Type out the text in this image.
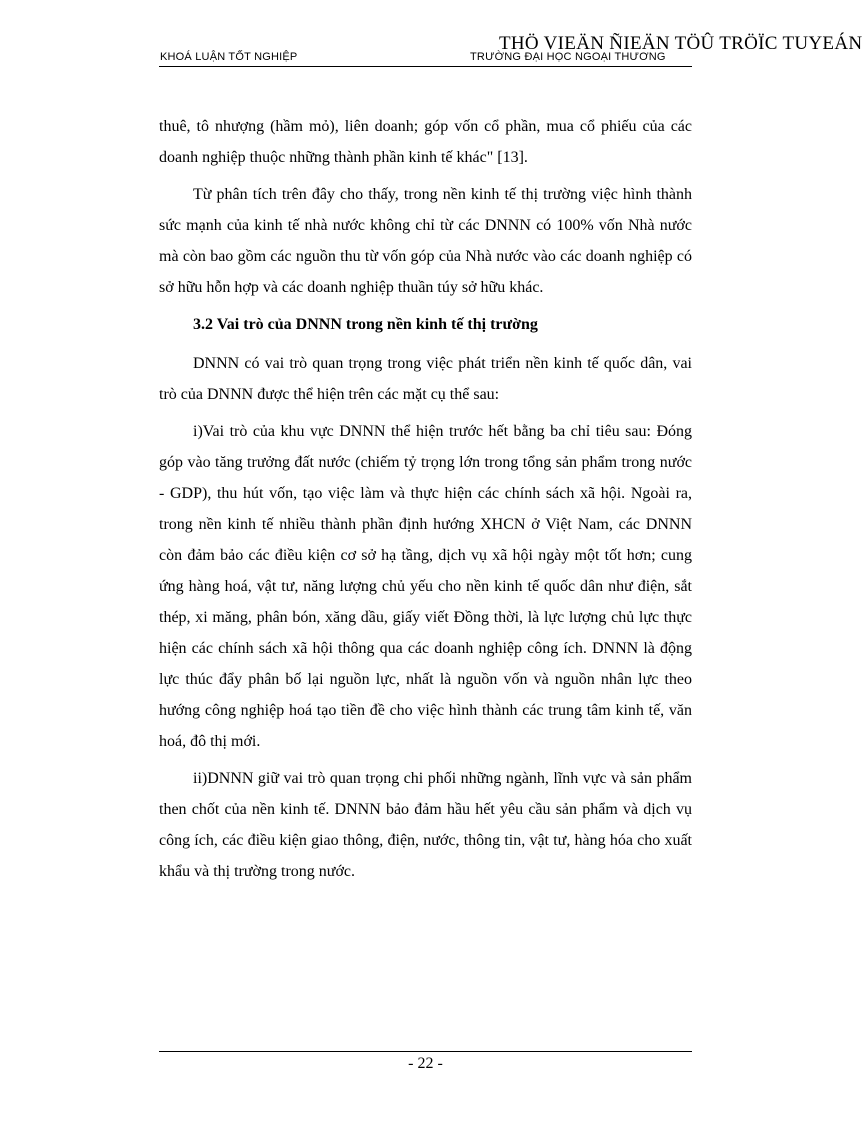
THÖ VIEÄN ÑIEÄN TÖÛ TRÖÏC TUYEÁN
KHOÁ LUẬN TỐT NGHIỆP	TRƯỜNG ĐẠI HỌC NGOẠI THƯƠNG

thuê, tô nhượng (hầm mỏ), liên doanh; góp vốn cổ phần, mua cổ phiếu của các doanh nghiệp thuộc những thành phần kinh tế khác" [13].

Từ phân tích trên đây cho thấy, trong nền kinh tế thị trường việc hình thành sức mạnh của kinh tế nhà nước không chỉ từ các DNNN có 100% vốn Nhà nước mà còn bao gồm các nguồn thu từ vốn góp của Nhà nước vào các doanh nghiệp có sở hữu hỗn hợp và các doanh nghiệp thuần túy sở hữu khác.

3.2 Vai trò của DNNN trong nền kinh tế thị trường

DNNN có vai trò quan trọng trong việc phát triển nền kinh tế quốc dân, vai trò của DNNN được thể hiện trên các mặt cụ thể sau:

i)Vai trò của khu vực DNNN thể hiện trước hết bằng ba chỉ tiêu sau: Đóng góp vào tăng trưởng đất nước (chiếm tỷ trọng lớn trong tổng sản phẩm trong nước - GDP), thu hút vốn, tạo việc làm và thực hiện các chính sách xã hội. Ngoài ra, trong nền kinh tế nhiều thành phần định hướng XHCN ở Việt Nam, các DNNN còn đảm bảo các điều kiện cơ sở hạ tầng, dịch vụ xã hội ngày một tốt hơn; cung ứng hàng hoá, vật tư, năng lượng chủ yếu cho nền kinh tế quốc dân như điện, sắt thép, xi măng, phân bón, xăng dầu, giấy viết Đồng thời, là lực lượng chủ lực thực hiện các chính sách xã hội thông qua các doanh nghiệp công ích. DNNN là động lực thúc đẩy phân bố lại nguồn lực, nhất là nguồn vốn và nguồn nhân lực theo hướng công nghiệp hoá tạo tiền đề cho việc hình thành các trung tâm kinh tế, văn hoá, đô thị mới.

ii)DNNN giữ vai trò quan trọng chi phối những ngành, lĩnh vực và sản phẩm then chốt của nền kinh tế. DNNN bảo đảm hầu hết yêu cầu sản phẩm và dịch vụ công ích, các điều kiện giao thông, điện, nước, thông tin, vật tư, hàng hóa cho xuất khẩu và thị trường trong nước.

- 22 -
